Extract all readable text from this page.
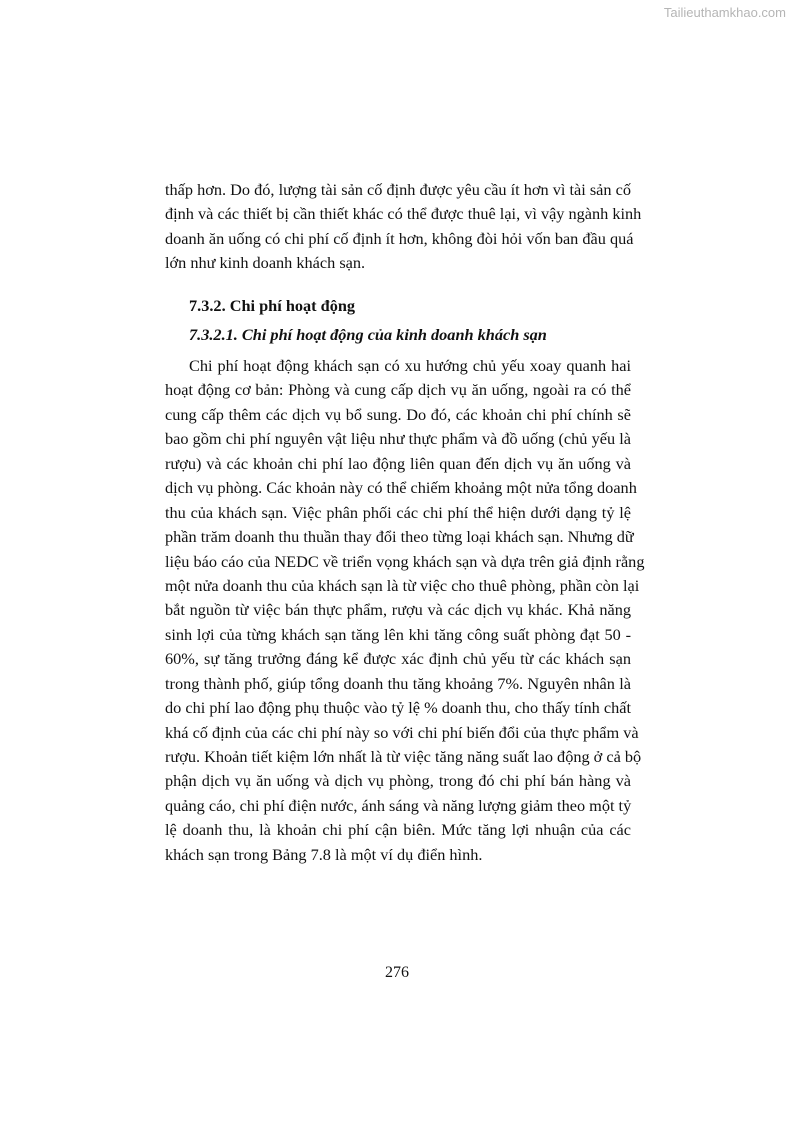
Tailieuthamkhao.com
thấp hơn. Do đó, lượng tài sản cố định được yêu cầu ít hơn vì tài sản cố
định và các thiết bị cần thiết khác có thể được thuê lại, vì vậy ngành kinh
doanh ăn uống có chi phí cố định ít hơn, không đòi hỏi vốn ban đầu quá
lớn như kinh doanh khách sạn.
7.3.2. Chi phí hoạt động
7.3.2.1. Chi phí hoạt động của kinh doanh khách sạn
Chi phí hoạt động khách sạn có xu hướng chủ yếu xoay quanh hai
hoạt động cơ bản: Phòng và cung cấp dịch vụ ăn uống, ngoài ra có thể
cung cấp thêm các dịch vụ bổ sung. Do đó, các khoản chi phí chính sẽ
bao gồm chi phí nguyên vật liệu như thực phẩm và đồ uống (chủ yếu là
rượu) và các khoản chi phí lao động liên quan đến dịch vụ ăn uống và
dịch vụ phòng. Các khoản này có thể chiếm khoảng một nửa tổng doanh
thu của khách sạn. Việc phân phối các chi phí thể hiện dưới dạng tỷ lệ
phần trăm doanh thu thuần thay đổi theo từng loại khách sạn. Nhưng dữ
liệu báo cáo của NEDC về triển vọng khách sạn và dựa trên giả định rằng
một nửa doanh thu của khách sạn là từ việc cho thuê phòng, phần còn lại
bắt nguồn từ việc bán thực phẩm, rượu và các dịch vụ khác. Khả năng
sinh lợi của từng khách sạn tăng lên khi tăng công suất phòng đạt 50 -
60%, sự tăng trưởng đáng kể được xác định chủ yếu từ các khách sạn
trong thành phố, giúp tổng doanh thu tăng khoảng 7%. Nguyên nhân là
do chi phí lao động phụ thuộc vào tỷ lệ % doanh thu, cho thấy tính chất
khá cố định của các chi phí này so với chi phí biến đổi của thực phẩm và
rượu. Khoản tiết kiệm lớn nhất là từ việc tăng năng suất lao động ở cả bộ
phận dịch vụ ăn uống và dịch vụ phòng, trong đó chi phí bán hàng và
quảng cáo, chi phí điện nước, ánh sáng và năng lượng giảm theo một tỷ
lệ doanh thu, là khoản chi phí cận biên. Mức tăng lợi nhuận của các
khách sạn trong Bảng 7.8 là một ví dụ điển hình.
276
